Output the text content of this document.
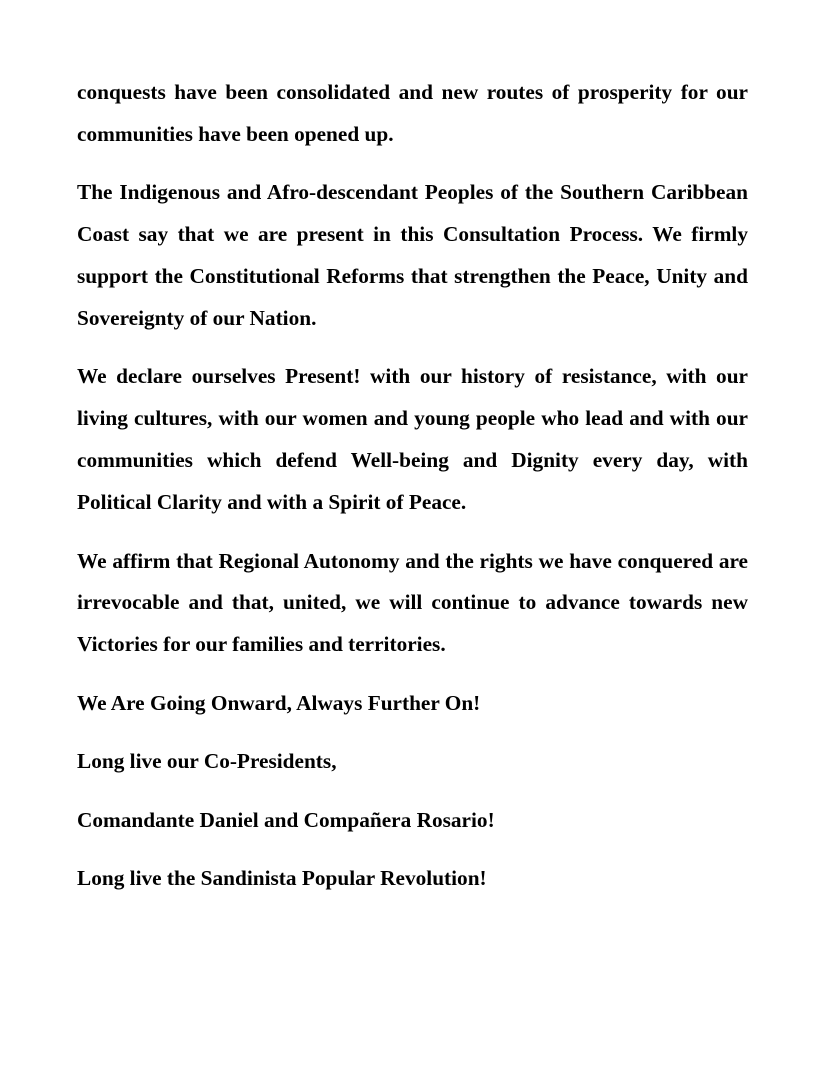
conquests have been consolidated and new routes of prosperity for our communities have been opened up.

The Indigenous and Afro-descendant Peoples of the Southern Caribbean Coast say that we are present in this Consultation Process. We firmly support the Constitutional Reforms that strengthen the Peace, Unity and Sovereignty of our Nation.

We declare ourselves Present! with our history of resistance, with our living cultures, with our women and young people who lead and with our communities which defend Well-being and Dignity every day, with Political Clarity and with a Spirit of Peace.

We affirm that Regional Autonomy and the rights we have conquered are irrevocable and that, united, we will continue to advance towards new Victories for our families and territories.

We Are Going Onward, Always Further On!

Long live our Co-Presidents,

Comandante Daniel and Compañera Rosario!

Long live the Sandinista Popular Revolution!
